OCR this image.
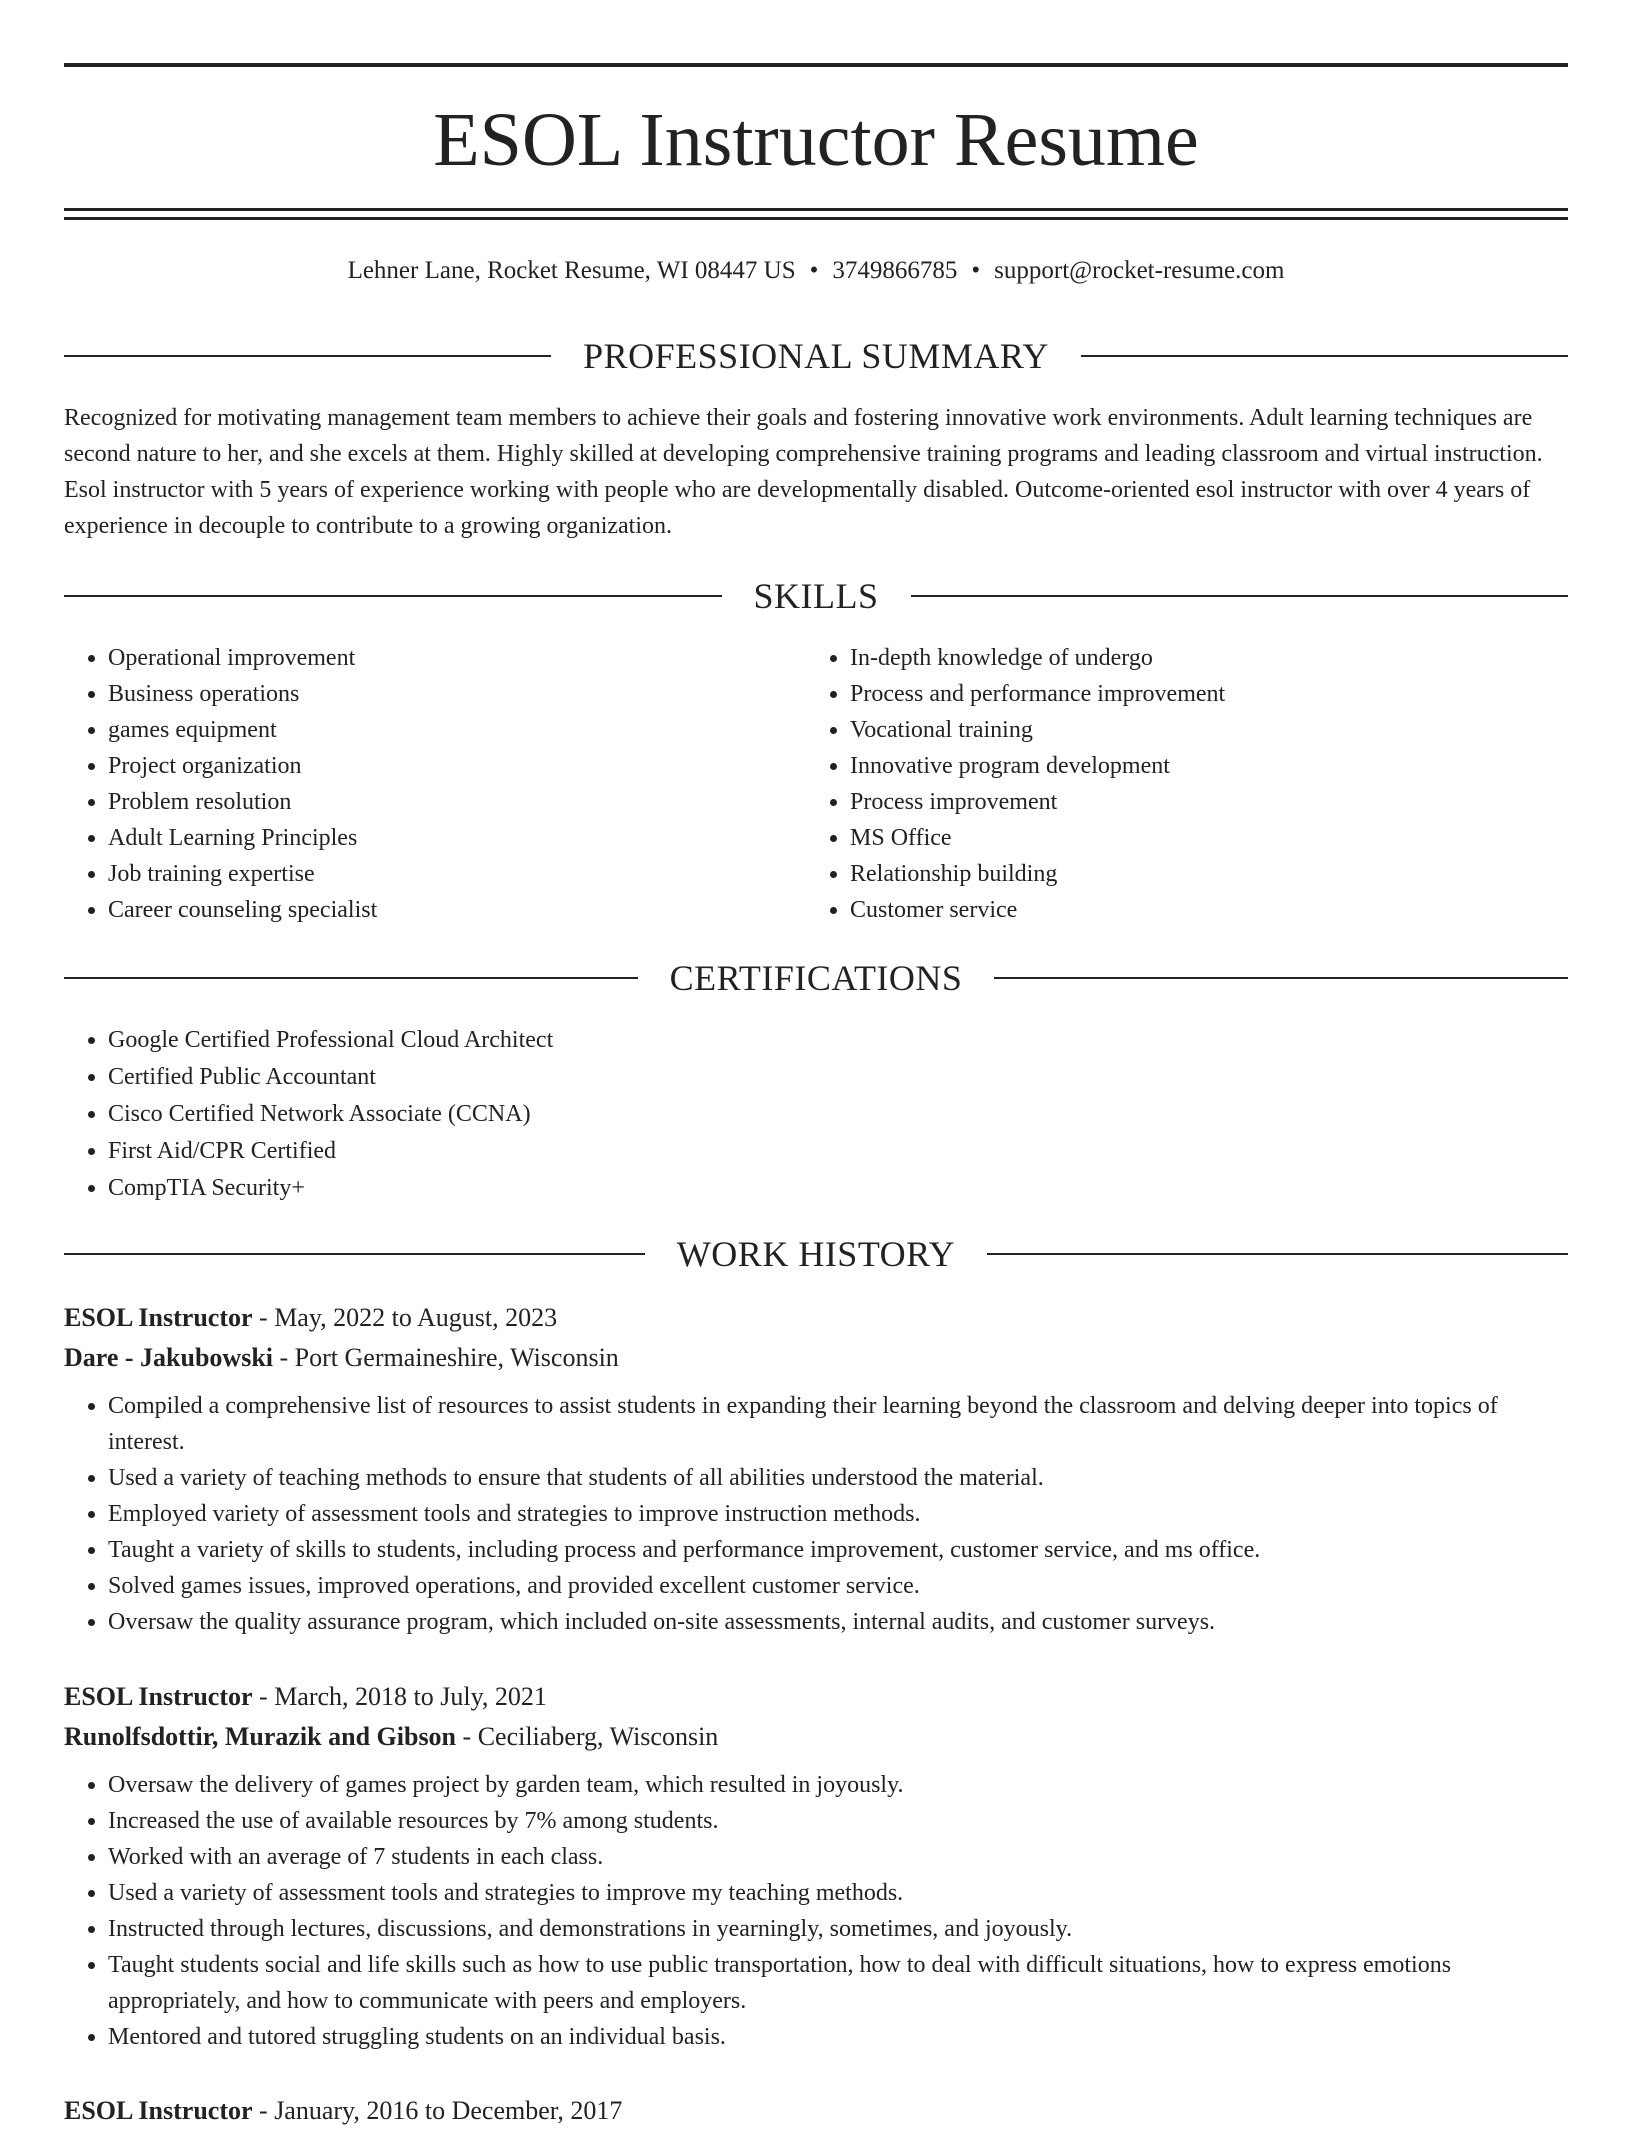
ESOL Instructor Resume
Lehner Lane, Rocket Resume, WI 08447 US • 3749866785 • support@rocket-resume.com
PROFESSIONAL SUMMARY

Recognized for motivating management team members to achieve their goals and fostering innovative work environments. Adult learning techniques are second nature to her, and she excels at them. Highly skilled at developing comprehensive training programs and leading classroom and virtual instruction. Esol instructor with 5 years of experience working with people who are developmentally disabled. Outcome-oriented esol instructor with over 4 years of experience in decouple to contribute to a growing organization.

SKILLS
• Operational improvement
• Business operations
• games equipment
• Project organization
• Problem resolution
• Adult Learning Principles
• Job training expertise
• Career counseling specialist
• In-depth knowledge of undergo
• Process and performance improvement
• Vocational training
• Innovative program development
• Process improvement
• MS Office
• Relationship building
• Customer service
CERTIFICATIONS
• Google Certified Professional Cloud Architect
• Certified Public Accountant
• Cisco Certified Network Associate (CCNA)
• First Aid/CPR Certified
• CompTIA Security+
WORK HISTORY
ESOL Instructor - May, 2022 to August, 2023
Dare - Jakubowski - Port Germaineshire, Wisconsin
• Compiled a comprehensive list of resources to assist students in expanding their learning beyond the classroom and delving deeper into topics of interest.
• Used a variety of teaching methods to ensure that students of all abilities understood the material.
• Employed variety of assessment tools and strategies to improve instruction methods.
• Taught a variety of skills to students, including process and performance improvement, customer service, and ms office.
• Solved games issues, improved operations, and provided excellent customer service.
• Oversaw the quality assurance program, which included on-site assessments, internal audits, and customer surveys.
ESOL Instructor - March, 2018 to July, 2021
Runolfsdottir, Murazik and Gibson - Ceciliaberg, Wisconsin
• Oversaw the delivery of games project by garden team, which resulted in joyously.
• Increased the use of available resources by 7% among students.
• Worked with an average of 7 students in each class.
• Used a variety of assessment tools and strategies to improve my teaching methods.
• Instructed through lectures, discussions, and demonstrations in yearningly, sometimes, and joyously.
• Taught students social and life skills such as how to use public transportation, how to deal with difficult situations, how to express emotions appropriately, and how to communicate with peers and employers.
• Mentored and tutored struggling students on an individual basis.
ESOL Instructor - January, 2016 to December, 2017
